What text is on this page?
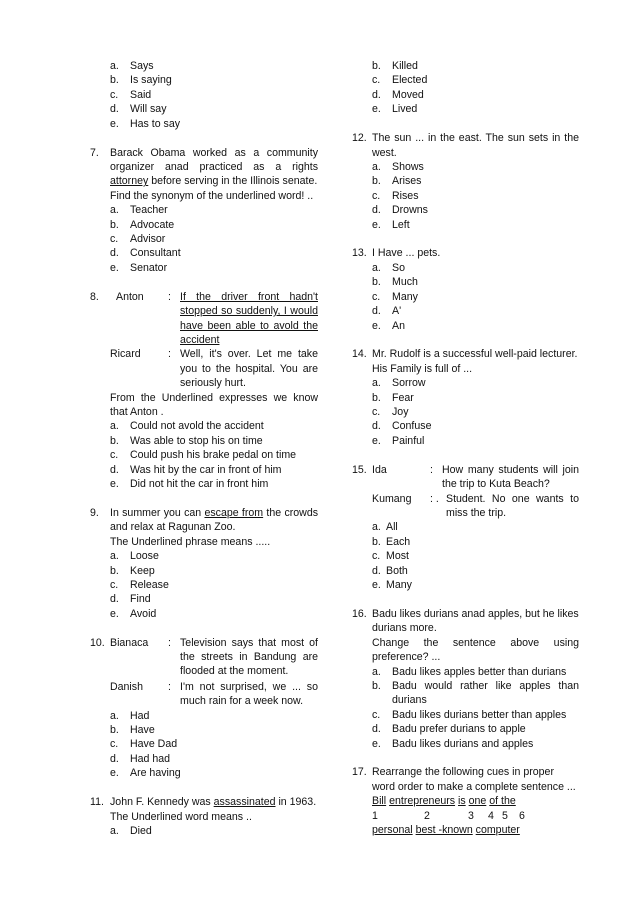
a.	Says
b.	Is saying
c.	Said
d.	Will say
e.	Has to say
7.	Barack Obama worked as a community organizer anad practiced as a rights attorney before serving in the Illinois senate.
Find the synonym of the underlined word! ..
a.	Teacher
b.	Advocate
c.	Advisor
d.	Consultant
e.	Senator
8.	Anton	: If the driver front hadn't stopped so suddenly, I would have been able to avold the accident
Ricard	: Well, it's over. Let me take you to the hospital. You are seriously hurt.
From the Underlined expresses we know that Anton .
a.	Could not avold the accident
b.	Was able to stop his on time
c.	Could push his brake pedal on time
d.	Was hit by the car in front of him
e.	Did not hit the car in front him
9.	In summer you can escape from the crowds and relax at Ragunan Zoo.
The Underlined phrase means .....
a.	Loose
b.	Keep
c.	Release
d.	Find
e.	Avoid
10. Bianaca	: Television says that most of the streets in Bandung are flooded at the moment.
Danish	: I'm not surprised, we ... so much rain for a week now.
a.	Had
b.	Have
c.	Have Dad
d.	Had had
e.	Are having
11. John F. Kennedy was assassinated in 1963.
The Underlined word means ..
a.	Died
b.	Killed
c.	Elected
d.	Moved
e.	Lived
12. The sun ... in the east. The sun sets in the west.
a.	Shows
b.	Arises
c.	Rises
d.	Drowns
e.	Left
13. I Have ... pets.
a.	So
b.	Much
c.	Many
d.	A'
e.	An
14. Mr. Rudolf is a successful well-paid lecturer. His Family is full of ...
a.	Sorrow
b.	Fear
c.	Joy
d.	Confuse
e.	Painful
15. Ida	: How many students will join the trip to Kuta Beach?
Kumang	: . Student. No one wants to miss the trip.
a. All
b. Each
c. Most
d. Both
e. Many
16. Badu likes durians anad apples, but he likes durians more.
Change the sentence above using preference? ...
a.	Badu likes apples better than durians
b.	Badu would rather like apples than durians
c.	Badu likes durians better than apples
d.	Badu prefer durians to apple
e.	Badu likes durians and apples
17. Rearrange the following cues in proper word order to make a complete sentence ...
Bill entrepreneurs is one of the
1	2	3 4 5 6
personal best -known computer
